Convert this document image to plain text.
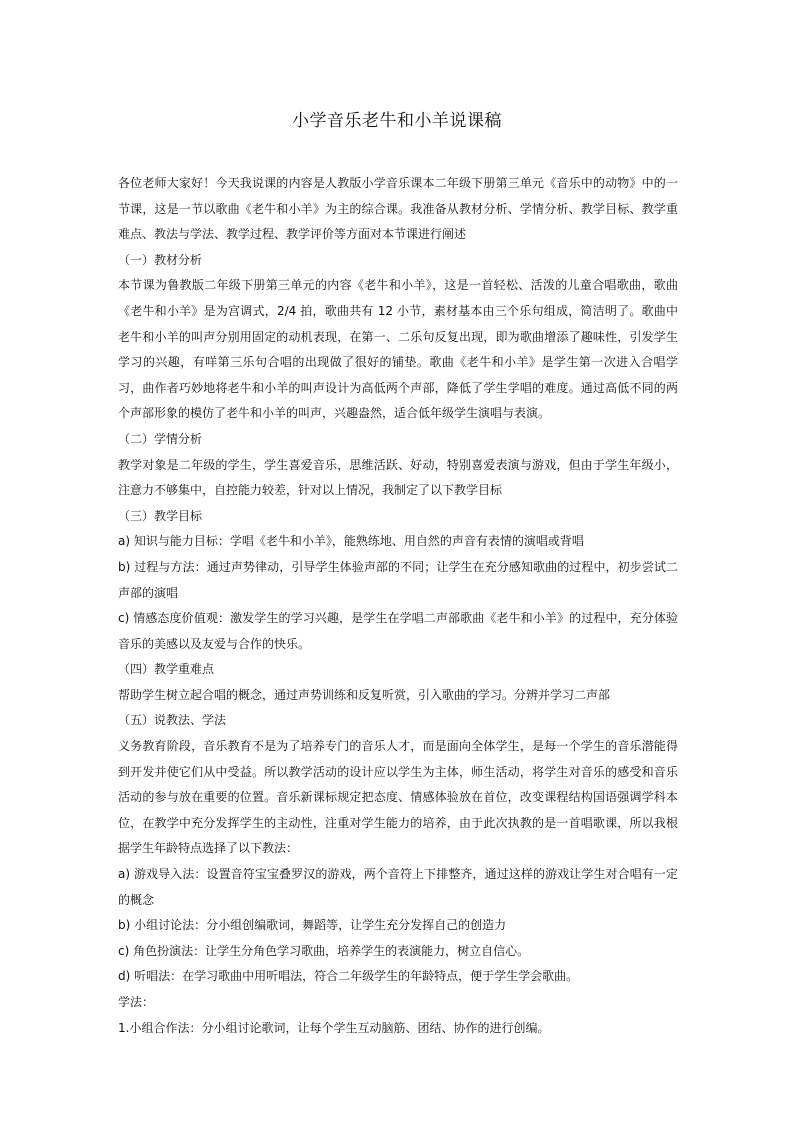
小学音乐老牛和小羊说课稿

各位老师大家好！今天我说课的内容是人教版小学音乐课本二年级下册第三单元《音乐中的动物》中的一节课，这是一节以歌曲《老牛和小羊》为主的综合课。我准备从教材分析、学情分析、教学目标、教学重难点、教法与学法、教学过程、教学评价等方面对本节课进行阐述

（一）教材分析

本节课为鲁教版二年级下册第三单元的内容《老牛和小羊》，这是一首轻松、活泼的儿童合唱歌曲，歌曲《老牛和小羊》是为宫调式，2/4 拍，歌曲共有 12 小节，素材基本由三个乐句组成，简洁明了。歌曲中老牛和小羊的叫声分别用固定的动机表现，在第一、二乐句反复出现，即为歌曲增添了趣味性，引发学生学习的兴趣，有咩第三乐句合唱的出现做了很好的铺垫。歌曲《老牛和小羊》是学生第一次进入合唱学习，曲作者巧妙地将老牛和小羊的叫声设计为高低两个声部，降低了学生学唱的难度。通过高低不同的两个声部形象的模仿了老牛和小羊的叫声，兴趣盎然，适合低年级学生演唱与表演。

（二）学情分析

教学对象是二年级的学生，学生喜爱音乐，思维活跃、好动，特别喜爱表演与游戏，但由于学生年级小，注意力不够集中，自控能力较差，针对以上情况，我制定了以下教学目标

（三）教学目标

a) 知识与能力目标：学唱《老牛和小羊》，能熟练地、用自然的声音有表情的演唱或背唱

b) 过程与方法：通过声势律动，引导学生体验声部的不同；让学生在充分感知歌曲的过程中，初步尝试二声部的演唱

c) 情感态度价值观：激发学生的学习兴趣，是学生在学唱二声部歌曲《老牛和小羊》的过程中，充分体验音乐的美感以及友爱与合作的快乐。

（四）教学重难点

帮助学生树立起合唱的概念，通过声势训练和反复听赏，引入歌曲的学习。分辨并学习二声部

（五）说教法、学法

义务教育阶段，音乐教育不是为了培养专门的音乐人才，而是面向全体学生，是每一个学生的音乐潜能得到开发并使它们从中受益。所以教学活动的设计应以学生为主体，师生活动，将学生对音乐的感受和音乐活动的参与放在重要的位置。音乐新课标规定把态度、情感体验放在首位，改变课程结构国语强调学科本位，在教学中充分发挥学生的主动性，注重对学生能力的培养，由于此次执教的是一首唱歌课，所以我根据学生年龄特点选择了以下教法：

a) 游戏导入法：设置音符宝宝叠罗汉的游戏，两个音符上下排整齐，通过这样的游戏让学生对合唱有一定的概念

b) 小组讨论法：分小组创编歌词，舞蹈等，让学生充分发挥自己的创造力

c) 角色扮演法：让学生分角色学习歌曲，培养学生的表演能力，树立自信心。

d) 听唱法：在学习歌曲中用听唱法，符合二年级学生的年龄特点，便于学生学会歌曲。

学法：

1.小组合作法：分小组讨论歌词，让每个学生互动脑筋、团结、协作的进行创编。
